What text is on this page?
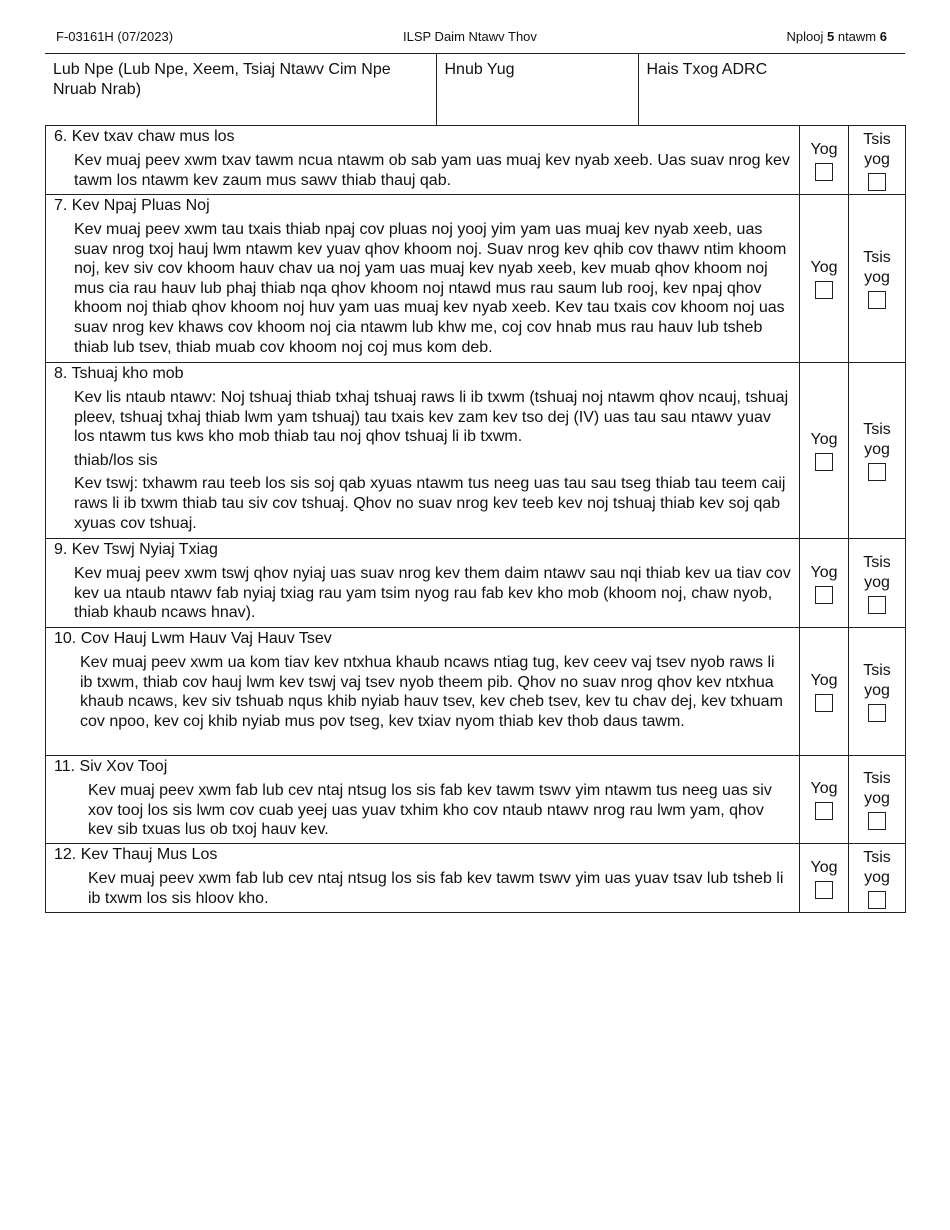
F-03161H (07/2023)	ILSP Daim Ntawv Thov	Nplooj 5 ntawm 6
Lub Npe (Lub Npe, Xeem, Tsiaj Ntawv Cim Npe Nruab Nrab)	Hnub Yug	Hais Txog ADRC
6. Kev txav chaw mus los
Kev muaj peev xwm txav tawm ncua ntawm ob sab yam uas muaj kev nyab xeeb. Uas suav nrog kev tawm los ntawm kev zaum mus sawv thiab thauj qab.	Yog	Tsis yog

7. Kev Npaj Pluas Noj
Kev muaj peev xwm tau txais thiab npaj cov pluas noj yooj yim yam uas muaj kev nyab xeeb, uas suav nrog txoj hauj lwm ntawm kev yuav qhov khoom noj. Suav nrog kev qhib cov thawv ntim khoom noj, kev siv cov khoom hauv chav ua noj yam uas muaj kev nyab xeeb, kev muab qhov khoom noj mus cia rau hauv lub phaj thiab nqa qhov khoom noj ntawd mus rau saum lub rooj, kev npaj qhov khoom noj thiab qhov khoom noj huv yam uas muaj kev nyab xeeb. Kev tau txais cov khoom noj uas suav nrog kev khaws cov khoom noj cia ntawm lub khw me, coj cov hnab mus rau hauv lub tsheb thiab lub tsev, thiab muab cov khoom noj coj mus kom deb.	Yog	Tsis yog

8. Tshuaj kho mob
Kev lis ntaub ntawv: Noj tshuaj thiab txhaj tshuaj raws li ib txwm (tshuaj noj ntawm qhov ncauj, tshuaj pleev, tshuaj txhaj thiab lwm yam tshuaj) tau txais kev zam kev tso dej (IV) uas tau sau ntawv yuav los ntawm tus kws kho mob thiab tau noj qhov tshuaj li ib txwm.
thiab/los sis
Kev tswj: txhawm rau teeb los sis soj qab xyuas ntawm tus neeg uas tau sau tseg thiab tau teem caij raws li ib txwm thiab tau siv cov tshuaj. Qhov no suav nrog kev teeb kev noj tshuaj thiab kev soj qab xyuas cov tshuaj.	Yog	Tsis yog

9. Kev Tswj Nyiaj Txiag
Kev muaj peev xwm tswj qhov nyiaj uas suav nrog kev them daim ntawv sau nqi thiab kev ua tiav cov kev ua ntaub ntawv fab nyiaj txiag rau yam tsim nyog rau fab kev kho mob (khoom noj, chaw nyob, thiab khaub ncaws hnav).	Yog	Tsis yog

10. Cov Hauj Lwm Hauv Vaj Hauv Tsev
Kev muaj peev xwm ua kom tiav kev ntxhua khaub ncaws ntiag tug, kev ceev vaj tsev nyob raws li ib txwm, thiab cov hauj lwm kev tswj vaj tsev nyob theem pib. Qhov no suav nrog qhov kev ntxhua khaub ncaws, kev siv tshuab nqus khib nyiab hauv tsev, kev cheb tsev, kev tu chav dej, kev txhuam cov npoo, kev coj khib nyiab mus pov tseg, kev txiav nyom thiab kev thob daus tawm.	Yog	Tsis yog

11. Siv Xov Tooj
Kev muaj peev xwm fab lub cev ntaj ntsug los sis fab kev tawm tswv yim ntawm tus neeg uas siv xov tooj los sis lwm cov cuab yeej uas yuav txhim kho cov ntaub ntawv nrog rau lwm yam, qhov kev sib txuas lus ob txoj hauv kev.	Yog	Tsis yog

12. Kev Thauj Mus Los
Kev muaj peev xwm fab lub cev ntaj ntsug los sis fab kev tawm tswv yim uas yuav tsav lub tsheb li ib txwm los sis hloov kho.	Yog	Tsis yog
